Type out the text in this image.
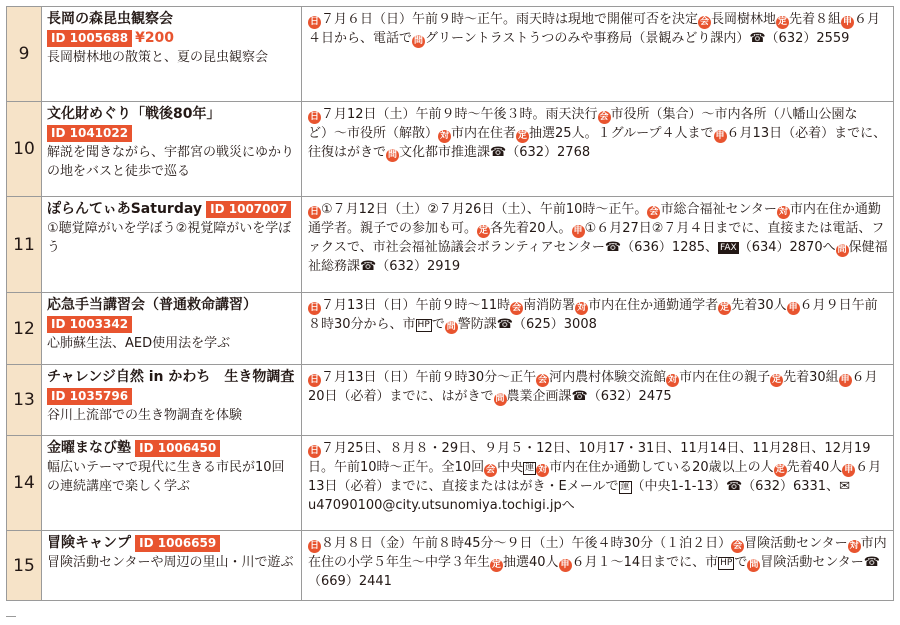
9	長岡の森昆虫観察会
ID 1005688 ¥200
長岡樹林地の散策と、夏の昆虫観察会	日 ７月６日（日）午前９時〜正午。雨天時は現地で開催可否を決定 会 長岡樹林地 定 先着８組 申 ６月４日から、電話で 問 グリーントラストうつのみや事務局（景観みどり課内）☎（632）2559
10	文化財めぐり「戦後80年」
ID 1041022
解説を聞きながら、宇都宮の戦災にゆかりの地をバスと徒歩で巡る	日 ７月12日（土）午前９時〜午後３時。雨天決行 会 市役所（集合）〜市内各所（八幡山公園など）〜市役所（解散） 対 市内在住者 定 抽選25人。１グループ４人まで 申 ６月13日（必着）までに、往復はがきで 問 文化都市推進課☎（632）2768
11	ぽらんてぃあSaturday ID 1007007
①聴覚障がいを学ぼう②視覚障がいを学ぼう	日 ①７月12日（土）②７月26日（土）、午前10時〜正午。 会 市総合福祉センター 対 市内在住か通勤通学者。親子での参加も可。 定 各先着20人。 申 ①６月27日②７月４日までに、直接または電話、ファクスで、市社会福祉協議会ボランティアセンター☎（636）1285、 FAX （634）2870へ 問 保健福祉総務課☎（632）2919
12	応急手当講習会（普通救命講習）
ID 1003342
心肺蘇生法、AED使用法を学ぶ	日 ７月13日（日）午前９時〜11時 会 南消防署 対 市内在住か通勤通学者 定 先着30人 申 ６月９日午前８時30分から、市 HP で 問 警防課☎（625）3008
13	チャレンジ自然 in かわち　生き物調査 ID 1035796
谷川上流部での生き物調査を体験	日 ７月13日（日）午前９時30分〜正午 会 河内農村体験交流館 対 市内在住の親子 定 先着30組 申 ６月20日（必着）までに、はがきで 問 農業企画課☎（632）2475
14	金曜まなび塾 ID 1006450
幅広いテーマで現代に生きる市民が10回の連続講座で楽しく学ぶ	日 ７月25日、８月８・29日、９月５・12日、10月17・31日、11月14日、11月28日、12月19日。午前10時〜正午。全10回 会 中央 運 対 市内在住か通勤している20歳以上の人 定 先着40人 申 ６月13日（必着）までに、直接またははがき・Eメールで 運 （中央1-1-13）☎（632）6331、✉u47090100@city.utsunomiya.tochigi.jpへ
15	冒険キャンプ ID 1006659
冒険活動センターや周辺の里山・川で遊ぶ	日 ８月８日（金）午前８時45分〜９日（土）午後４時30分（１泊２日） 会 冒険活動センター 対 市内在住の小学５年生〜中学３年生 定 抽選40人 申 ６月１〜14日までに、市 HP で 問 冒険活動センター☎（669）2441
